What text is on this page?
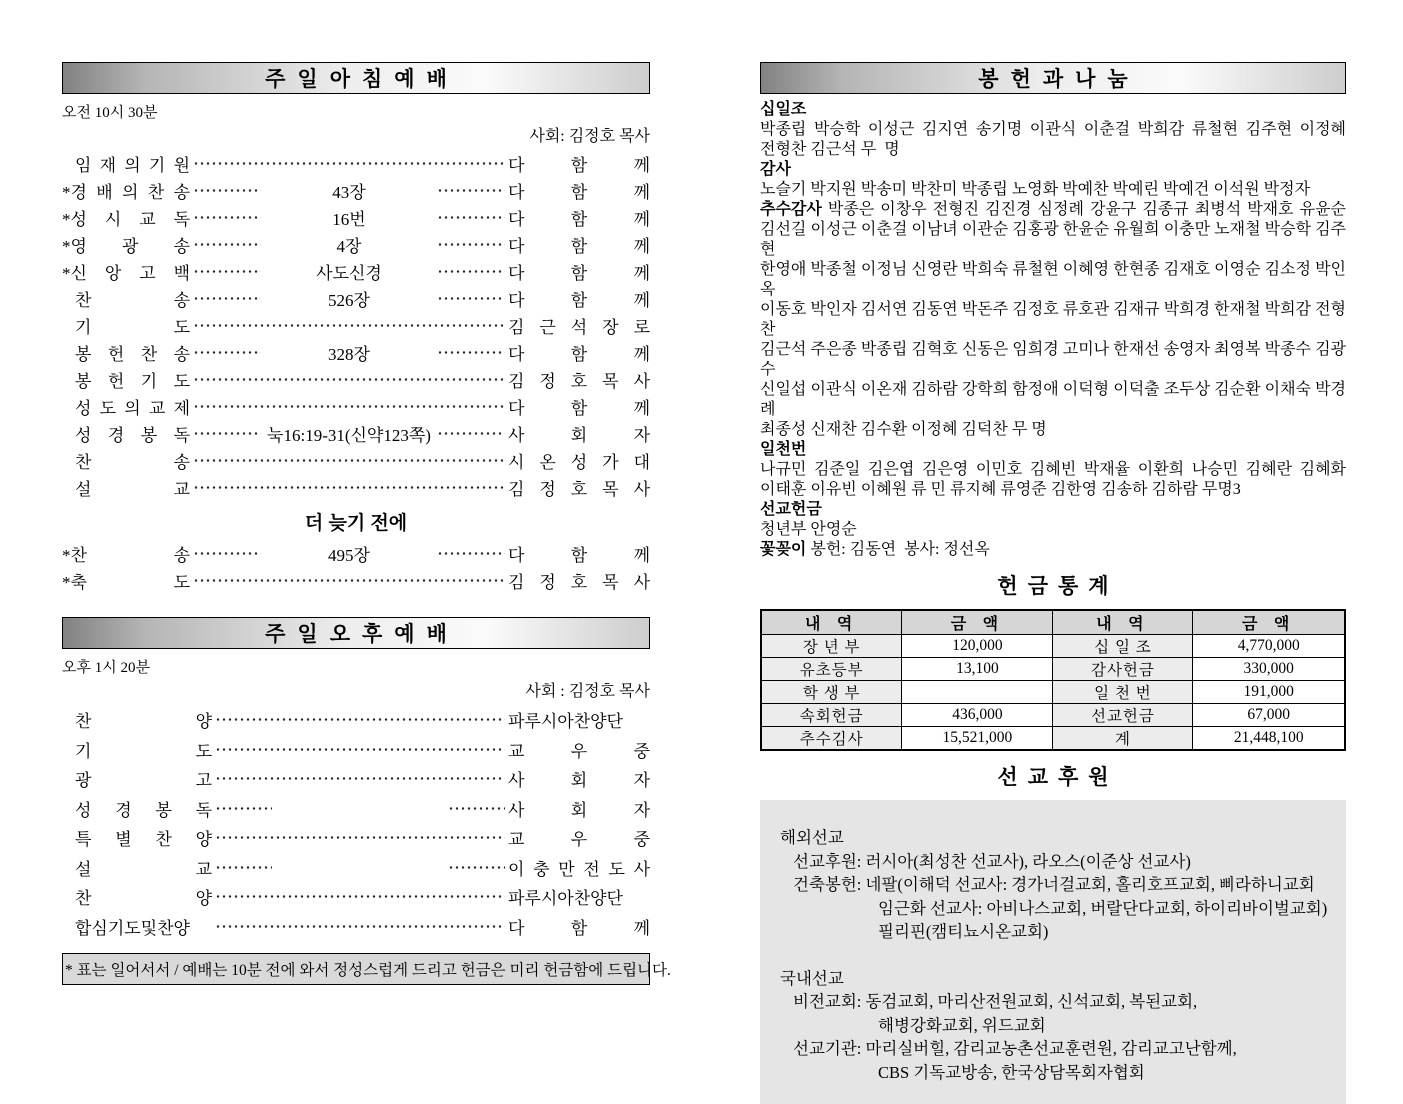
주일아침예배
오전 10시 30분
사회: 김정호 목사
임 재 의 기 원	다 함 께
*경 배 의 찬 송	43장	다 함 께
*성 시 교 독	16번	다 함 께
*영 광 송	4장	다 함 께
*신 앙 고 백	사도신경	다 함 께
찬 송	526장	다 함 께
기 도	김 근 석 장 로
봉 헌 찬 송	328장	다 함 께
봉 헌 기 도	김 정 호 목 사
성 도 의 교 제	다 함 께
성 경 봉 독	눅16:19-31(신약123쪽)	사 회 자
찬 송	시 온 성 가 대
설 교	김 정 호 목 사
더 늦기 전에
*찬 송	495장	다 함 께
*축 도	김 정 호 목 사
주일오후예배
오후 1시 20분
사회 : 김정호 목사
찬 양	파루시아찬양단
기 도	교 우 중
광 고	사 회 자
성 경 봉 독	사 회 자
특 별 찬 양	교 우 중
설 교	이 충 만 전 도 사
찬 양	파루시아찬양단
합심기도및찬양	다 함 께
* 표는 일어서서 / 예배는 10분 전에 와서 정성스럽게 드리고 헌금은 미리 헌금함에 드립니다.
봉헌과나눔
십일조
박종립 박승학 이성근 김지연 송기명 이관식 이춘걸 박희감 류철현 김주현 이정혜
전형찬 김근석 무  명
감사
노슬기 박지원 박송미 박찬미 박종립 노영화 박예찬 박예린 박예건 이석원 박정자
추수감사 박종은 이창우 전형진 김진경 심정례 강윤구 김종규 최병석 박재호 유윤순
김선길 이성근 이춘걸 이남녀 이관순 김홍광 한윤순 유월희 이충만 노재철 박승학 김주현
한영애 박종철 이정님 신영란 박희숙 류철현 이혜영 한현종 김재호 이영순 김소정 박인옥
이동호 박인자 김서연 김동연 박돈주 김정호 류호관 김재규 박희경 한재철 박희감 전형찬
김근석 주은종 박종립 김혁호 신동은 임희경 고미나 한재선 송영자 최영복 박종수 김광수
신일섭 이관식 이온재 김하람 강학희 함정애 이덕형 이덕출 조두상 김순환 이채숙 박경례
최종성 신재찬 김수환 이정혜 김덕찬 무 명
일천번
나규민 김준일 김은엽 김은영 이민호 김혜빈 박재율 이환희 나승민 김혜란 김혜화
이태훈 이유빈 이혜원 류 민 류지혜 류영준 김한영 김송하 김하람 무명3
선교헌금
청년부 안영순
꽃꽂이 봉헌: 김동연  봉사: 정선옥
헌금통계
내 역	금 액	내 역	금 액
장 년 부	120,000	십 일 조	4,770,000
유초등부	13,100	감사헌금	330,000
학 생 부		일 천 번	191,000
속회헌금	436,000	선교헌금	67,000
추수김사	15,521,000	계	21,448,100
선교후원
해외선교
선교후원: 러시아(최성찬 선교사), 라오스(이준상 선교사)
건축봉헌: 네팔(이해덕 선교사: 경가너걸교회, 홀리호프교회, 삐라하니교회
임근화 선교사: 아비나스교회, 버랄단다교회, 하이리바이벌교회)
필리핀(캠티뇨시온교회)
국내선교
비전교회: 동검교회, 마리산전원교회, 신석교회, 복된교회,
해병강화교회, 위드교회
선교기관: 마리실버힐, 감리교농촌선교훈련원, 감리교고난함께,
CBS 기독교방송, 한국상담목회자협회
